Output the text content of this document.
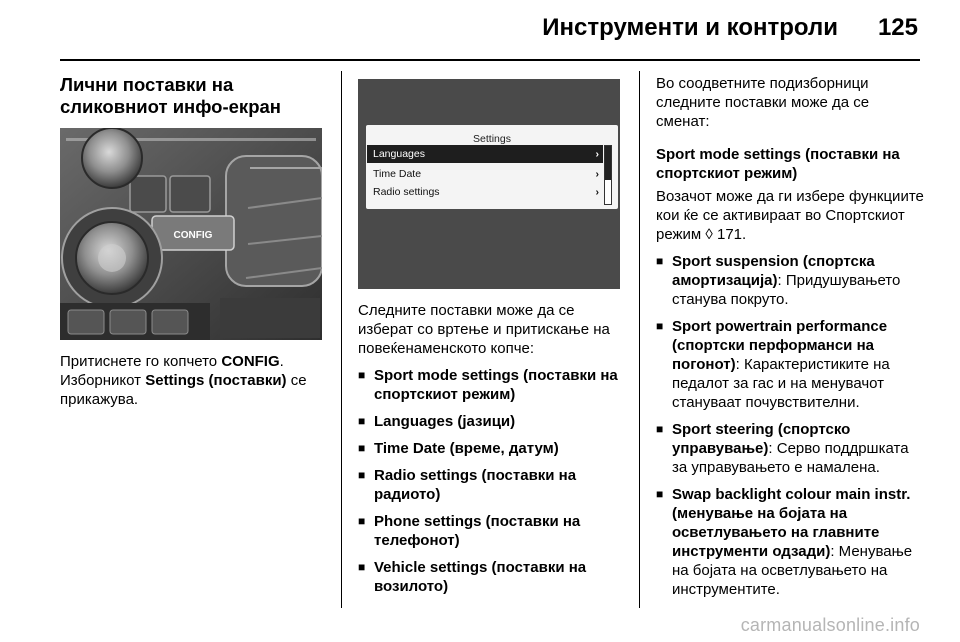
Инструменти и контроли 125
Лични поставки на сликовниот инфо-екран
CONFIG

Притиснете го копчето CONFIG. Изборникот Settings (поставки) се прикажува.

Settings
Languages	›
Time Date	›
Radio settings	›

Следните поставки може да се изберат со вртење и притискање на повеќенаменското копче:

■ Sport mode settings (поставки на спортскиот режим)
■ Languages (јазици)
■ Time Date (време, датум)
■ Radio settings (поставки на радиото)
■ Phone settings (поставки на телефонот)
■ Vehicle settings (поставки на возилото)

Во соодветните подизборници следните поставки може да се сменат:

Sport mode settings (поставки на спортскиот режим)

Возачот може да ги избере функциите кои ќе се активираат во Спортскиот режим ◊ 171.

■ Sport suspension (спортска амортизација): Придушувањето станува покруто.
■ Sport powertrain performance (спортски перформанси на погонот): Карактеристиките на педалот за гас и на менувачот стануваат почувствителни.
■ Sport steering (спортско управување): Серво поддршката за управувањето е намалена.
■ Swap backlight colour main instr. (менување на бојата на осветлувањето на главните инструменти одзади): Менување на бојата на осветлувањето на инструментите.
carmanualsonline.info
